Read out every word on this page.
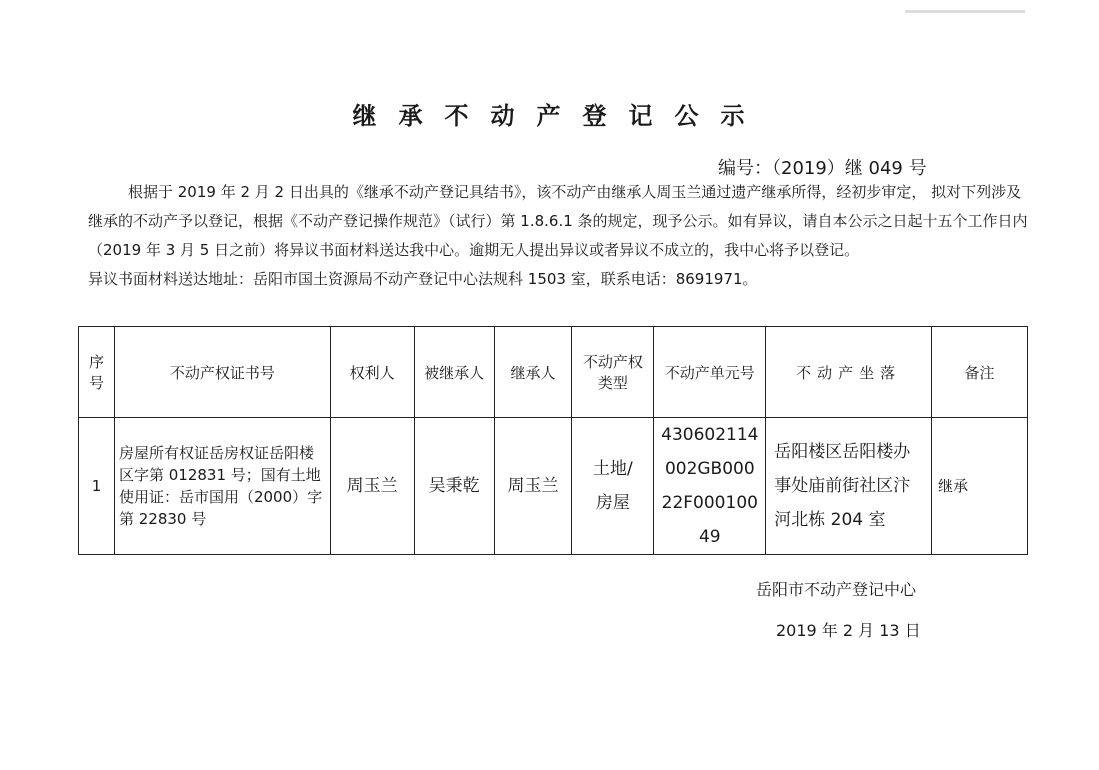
继承不动产登记公示
编号：（2019）继 049 号

根据于 2019 年 2 月 2 日出具的《继承不动产登记具结书》，该不动产由继承人周玉兰通过遗产继承所得，经初步审定， 拟对下列涉及继承的不动产予以登记，根据《不动产登记操作规范》（试行）第 1.8.6.1 条的规定，现予公示。如有异议，请自本公示之日起十五个工作日内（2019 年 3 月 5 日之前）将异议书面材料送达我中心。逾期无人提出异议或者异议不成立的，我中心将予以登记。

异议书面材料送达地址：岳阳市国土资源局不动产登记中心法规科 1503 室，联系电话：8691971。

序号	不动产权证书号	权利人	被继承人	继承人	不动产权类型	不动产单元号	不动产坐落	备注
1	房屋所有权证岳房权证岳阳楼区字第 012831 号；国有土地使用证：岳市国用（2000）字第 22830 号	周玉兰	吴秉乾	周玉兰	土地/房屋	430602114002GB00022F00010049	岳阳楼区岳阳楼办事处庙前街社区汴河北栋 204 室	继承
岳阳市不动产登记中心
2019 年 2 月 13 日
